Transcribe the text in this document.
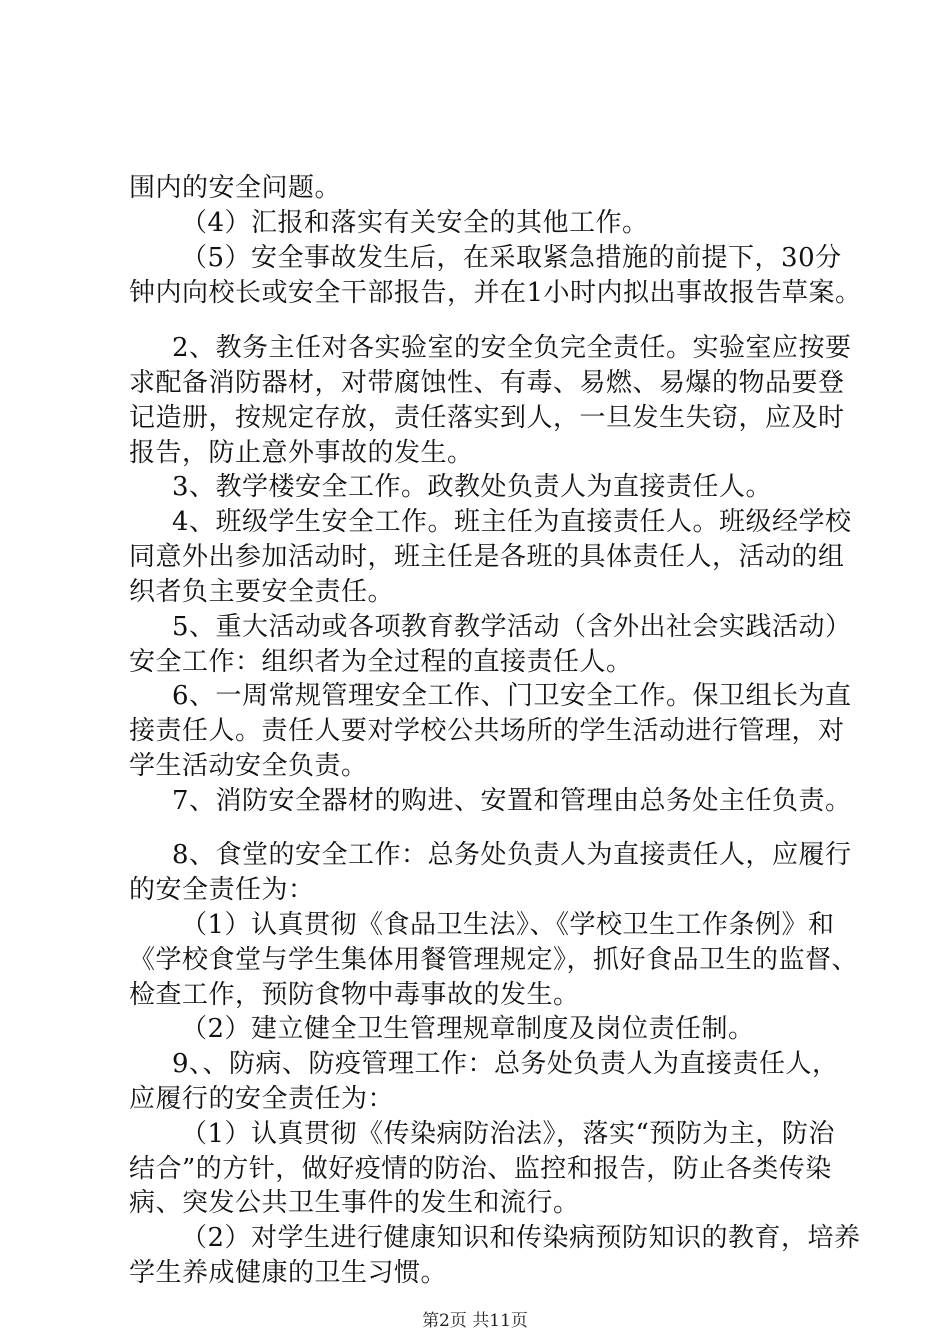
围内的安全问题。
（4）汇报和落实有关安全的其他工作。
（5）安全事故发生后，在采取紧急措施的前提下，30分
钟内向校长或安全干部报告，并在1小时内拟出事故报告草案。
2、教务主任对各实验室的安全负完全责任。实验室应按要
求配备消防器材，对带腐蚀性、有毒、易燃、易爆的物品要登
记造册，按规定存放，责任落实到人，一旦发生失窃，应及时
报告，防止意外事故的发生。
3、教学楼安全工作。政教处负责人为直接责任人。
4、班级学生安全工作。班主任为直接责任人。班级经学校
同意外出参加活动时，班主任是各班的具体责任人，活动的组
织者负主要安全责任。
5、重大活动或各项教育教学活动（含外出社会实践活动）
安全工作：组织者为全过程的直接责任人。
6、一周常规管理安全工作、门卫安全工作。保卫组长为直
接责任人。责任人要对学校公共场所的学生活动进行管理，对
学生活动安全负责。
7、消防安全器材的购进、安置和管理由总务处主任负责。
8、食堂的安全工作：总务处负责人为直接责任人，应履行
的安全责任为：
（1）认真贯彻《食品卫生法》、《学校卫生工作条例》和
《学校食堂与学生集体用餐管理规定》，抓好食品卫生的监督、
检查工作，预防食物中毒事故的发生。
（2）建立健全卫生管理规章制度及岗位责任制。
9、、防病、防疫管理工作：总务处负责人为直接责任人，
应履行的安全责任为：
（1）认真贯彻《传染病防治法》，落实“预防为主，防治
结合”的方针，做好疫情的防治、监控和报告，防止各类传染
病、突发公共卫生事件的发生和流行。
（2）对学生进行健康知识和传染病预防知识的教育，培养
学生养成健康的卫生习惯。
第2页 共11页
